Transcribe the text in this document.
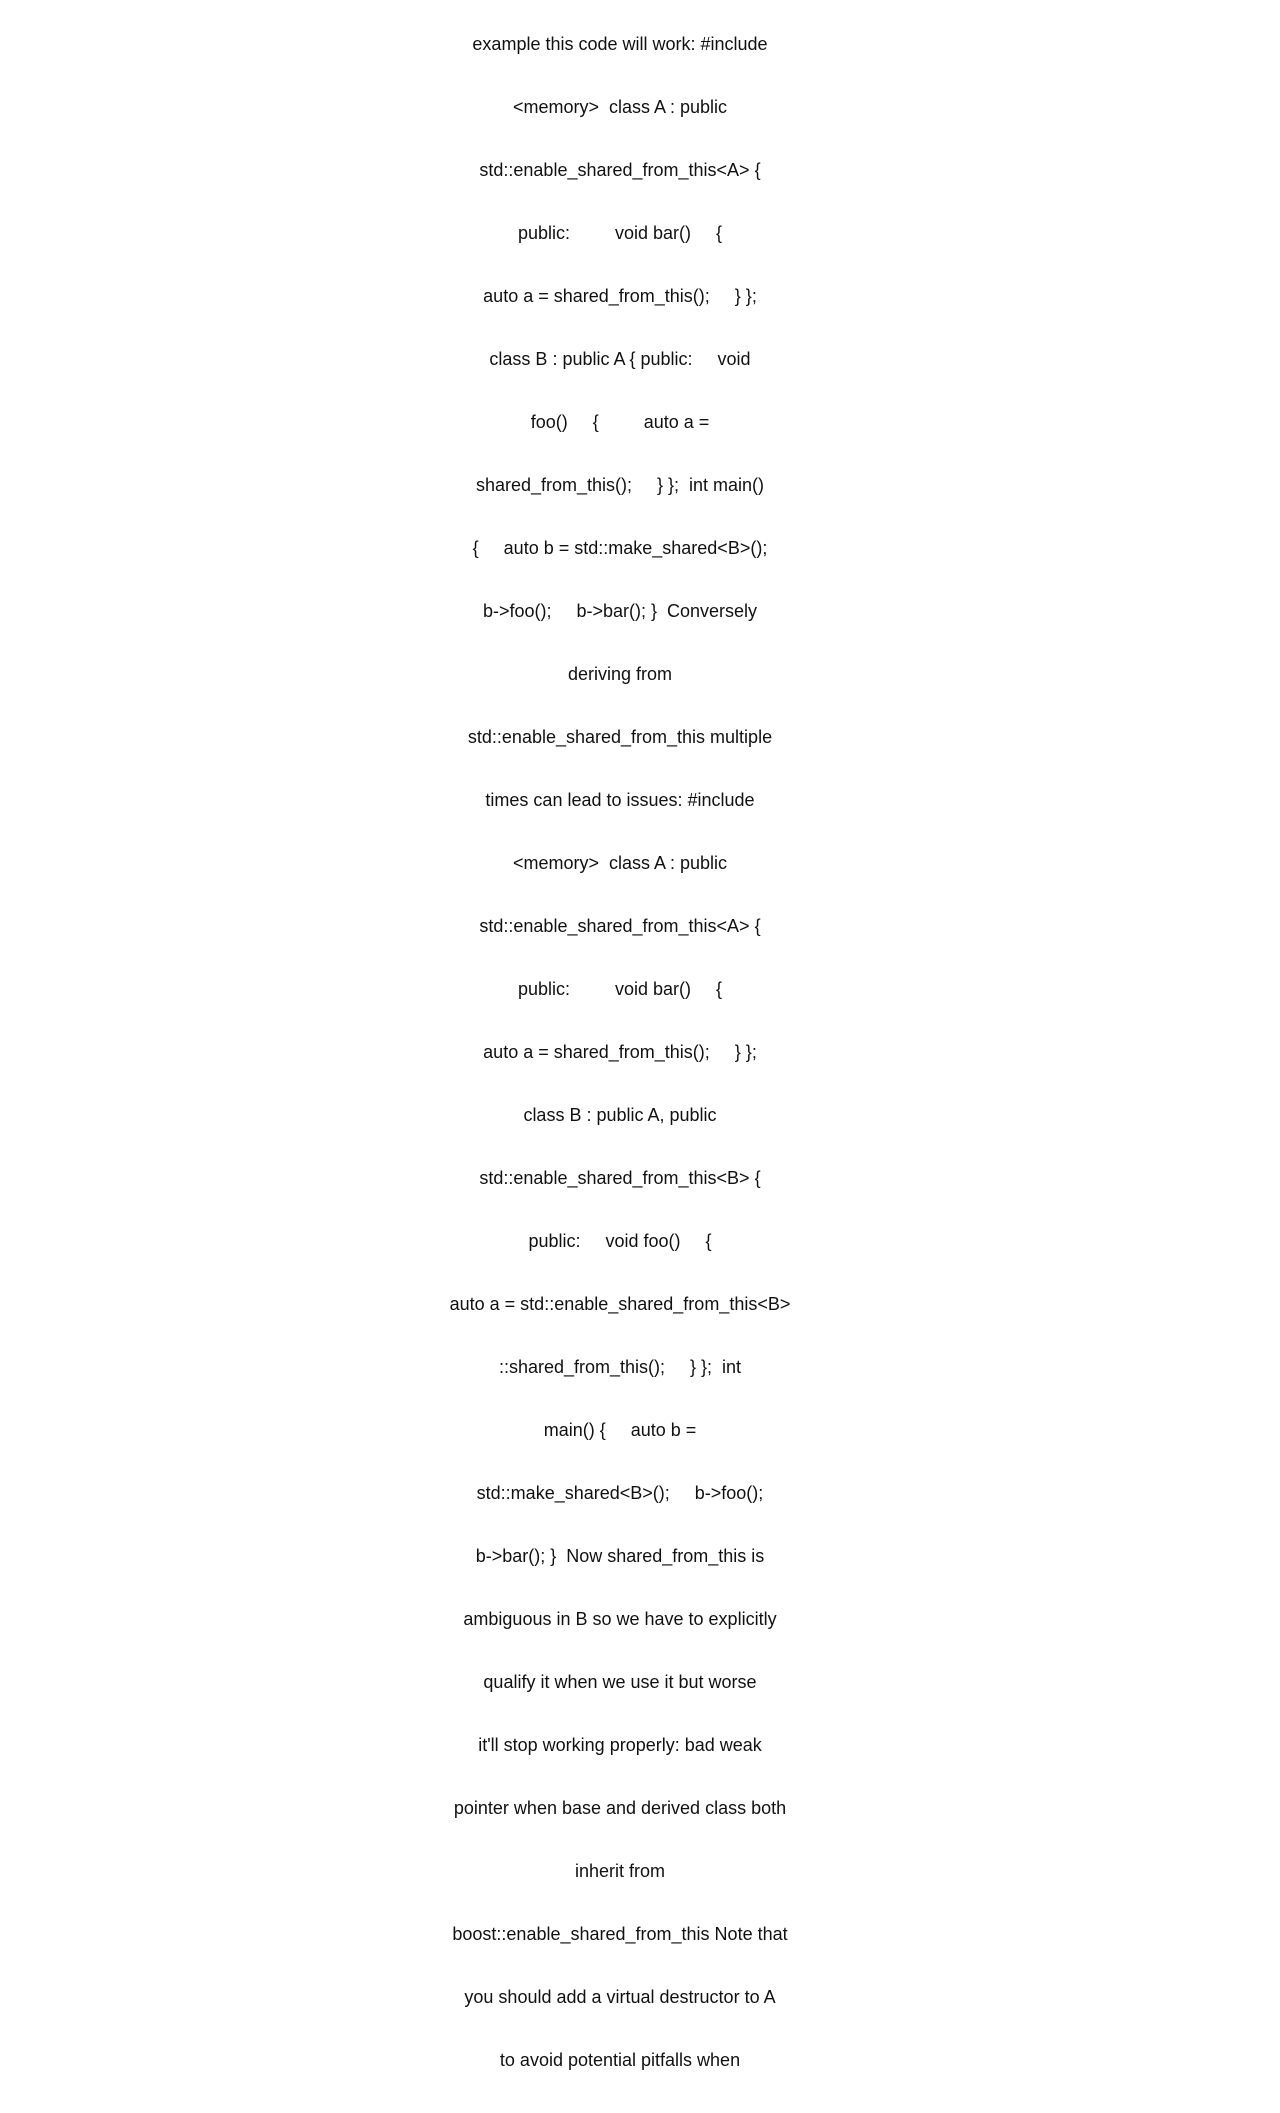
example this code will work: #include

<memory>  class A : public

std::enable_shared_from_this<A> {

public:         void bar()     {

auto a = shared_from_this();     } };

class B : public A { public:     void

foo()     {         auto a =

shared_from_this();     } };  int main()

{     auto b = std::make_shared<B>();

b->foo();     b->bar(); }  Conversely

deriving from

std::enable_shared_from_this multiple

times can lead to issues: #include

<memory>  class A : public

std::enable_shared_from_this<A> {

public:         void bar()     {

auto a = shared_from_this();     } };

class B : public A, public

std::enable_shared_from_this<B> {

public:     void foo()     {

auto a = std::enable_shared_from_this<B>

::shared_from_this();     } };  int

main() {     auto b =

std::make_shared<B>();     b->foo();

b->bar(); }  Now shared_from_this is

ambiguous in B so we have to explicitly

qualify it when we use it but worse

it'll stop working properly: bad weak

pointer when base and derived class both

inherit from

boost::enable_shared_from_this Note that

you should add a virtual destructor to A

to avoid potential pitfalls when
